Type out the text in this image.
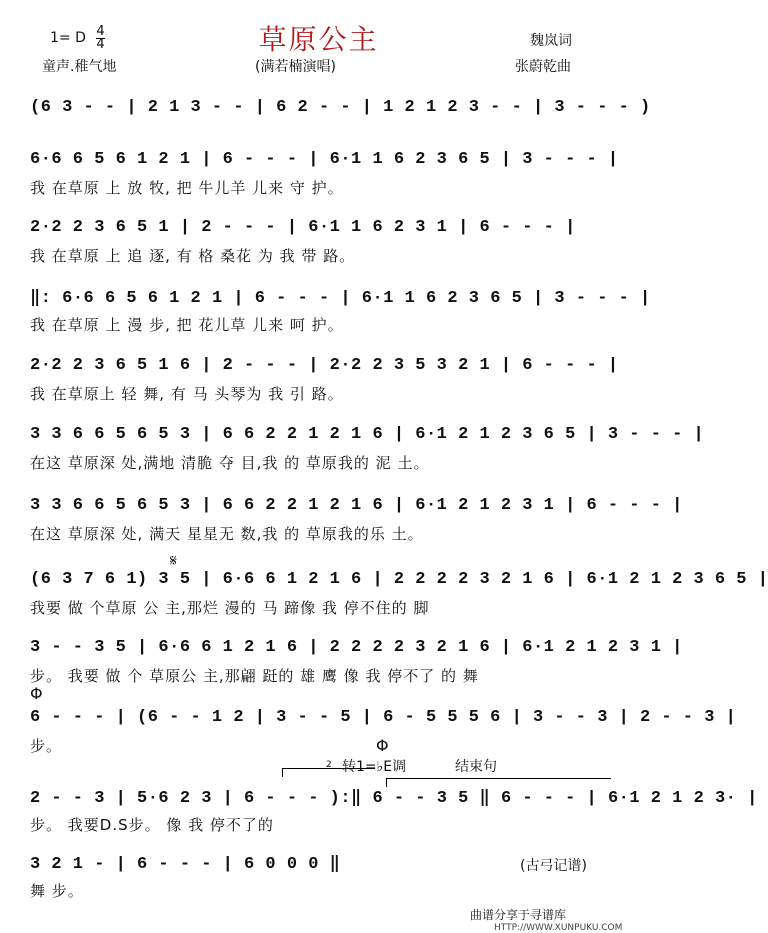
1= D $\frac{4}{4}$	草原公主	魏岚词
童声.稚气地	(满若楠演唱)	张蔚乾曲
(6 3 - - | 2 1 3 - - | 6 2 - - | 1 2 1 2 3 - - | 3 - - - )
6·6 6 5 6 1 2 1 | 6 - - - | 6·1 1 6 2 3 6 5 | 3 - - - |
我 在草原 上 放 牧, 把 牛儿羊 儿来 守 护。
2·2 2 3 6 5 1 | 2 - - - | 6·1 1 6 2 3 1 | 6 - - - |
我 在草原 上 追 逐, 有 格 桑花 为 我 带 路。
‖: 6·6 6 5 6 1 2 1 | 6 - - - | 6·1 1 6 2 3 6 5 | 3 - - - |
我 在草原 上 漫 步, 把 花儿草 儿来 呵 护。
2·2 2 3 6 5 1 6 | 2 - - - | 2·2 2 3 5 3 2 1 | 6 - - - |
我 在草原上 轻 舞, 有 马 头琴为 我 引 路。
3 3 6 6 5 6 5 3 | 6 6 2 2 1 2 1 6 | 6·1 2 1 2 3 6 5 | 3 - - - |
在这 草原深 处,满地 清脆 夺 目,我 的 草原我的 泥 土。
3 3 6 6 5 6 5 3 | 6 6 2 2 1 2 1 6 | 6·1 2 1 2 3 1 | 6 - - - |
在这 草原深 处, 满天 星星无 数,我 的 草原我的乐 土。
𝄋
(6 3 7 6 1) 3 5 | 6·6 6 1 2 1 6 | 2 2 2 2 3 2 1 6 | 6·1 2 1 2 3 6 5 |
我要 做 个草原 公 主,那烂 漫的 马 蹄像 我 停不住的 脚
3 - - 3 5 | 6·6 6 1 2 1 6 | 2 2 2 2 3 2 1 6 | 6·1 2 1 2 3 1 |
步。 我要 做 个 草原公 主,那翩 跹的 雄 鹰 像 我 停不了 的 舞
Φ
6 - - - | (6 - - 1 2 | 3 - - 5 | 6 - 5 5 5 6 | 3 - - 3 | 2 - - 3 |
步。	Φ
2 转1=♭E调	结束句
2 - - 3 | 5·6 2 3 | 6 - - - ):‖ 6 - - 3 5 ‖ 6 - - - | 6·1 2 1 2 3· |
步。 我要D.S步。 像 我 停不了的
3 2 1 - | 6 - - - | 6 0 0 0 ‖
舞 步。
(古弓记谱)
曲谱分享于寻谱库
HTTP://WWW.XUNPUKU.COM
